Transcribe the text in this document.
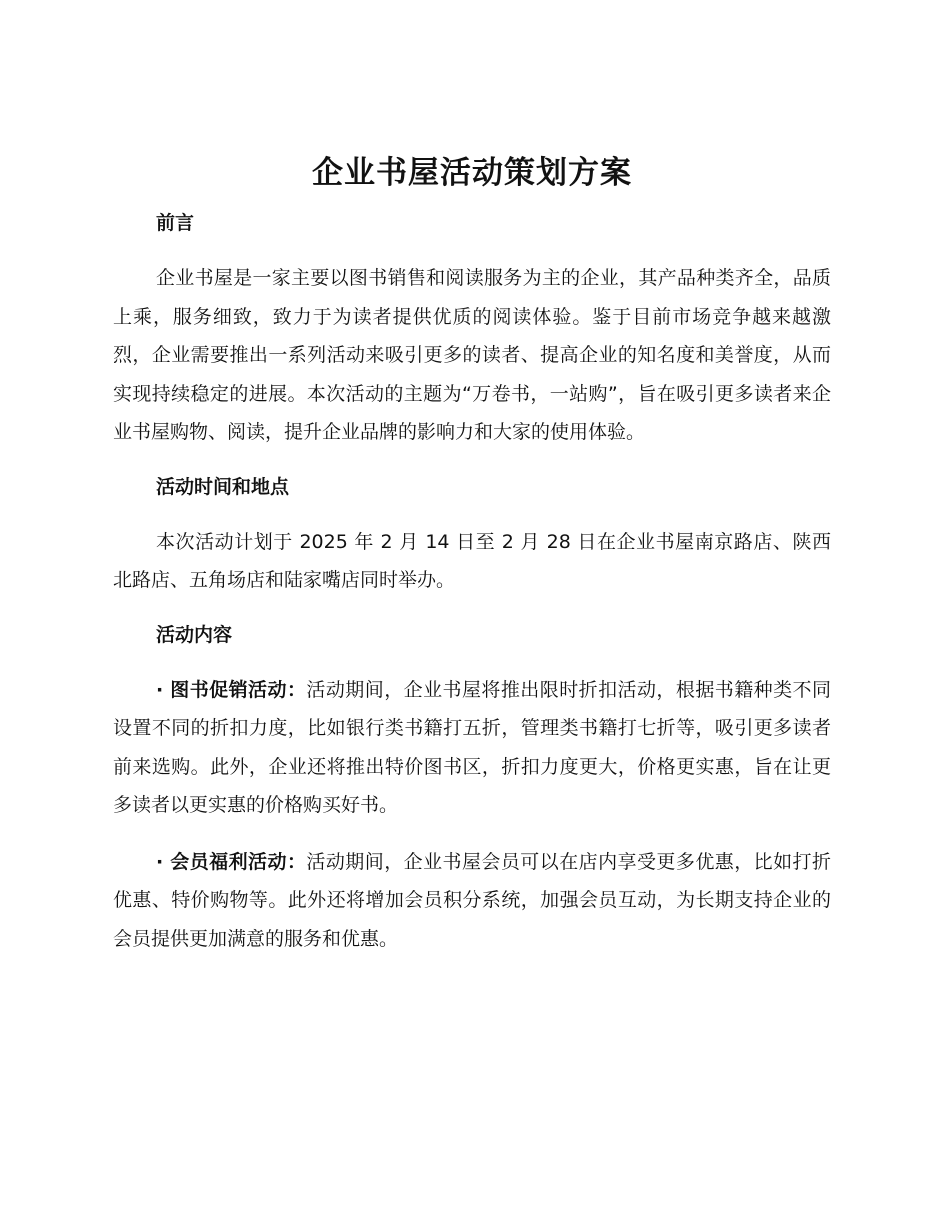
企业书屋活动策划方案
前言

企业书屋是一家主要以图书销售和阅读服务为主的企业，其产品种类齐全，品质上乘，服务细致，致力于为读者提供优质的阅读体验。鉴于目前市场竞争越来越激烈，企业需要推出一系列活动来吸引更多的读者、提高企业的知名度和美誉度，从而实现持续稳定的进展。本次活动的主题为“万卷书，一站购”，旨在吸引更多读者来企业书屋购物、阅读，提升企业品牌的影响力和大家的使用体验。

活动时间和地点

本次活动计划于 2025 年 2 月 14 日至 2 月 28 日在企业书屋南京路店、陕西北路店、五角场店和陆家嘴店同时举办。

活动内容

· 图书促销活动：活动期间，企业书屋将推出限时折扣活动，根据书籍种类不同设置不同的折扣力度，比如银行类书籍打五折，管理类书籍打七折等，吸引更多读者前来选购。此外，企业还将推出特价图书区，折扣力度更大，价格更实惠，旨在让更多读者以更实惠的价格购买好书。

· 会员福利活动：活动期间，企业书屋会员可以在店内享受更多优惠，比如打折优惠、特价购物等。此外还将增加会员积分系统，加强会员互动，为长期支持企业的会员提供更加满意的服务和优惠。
